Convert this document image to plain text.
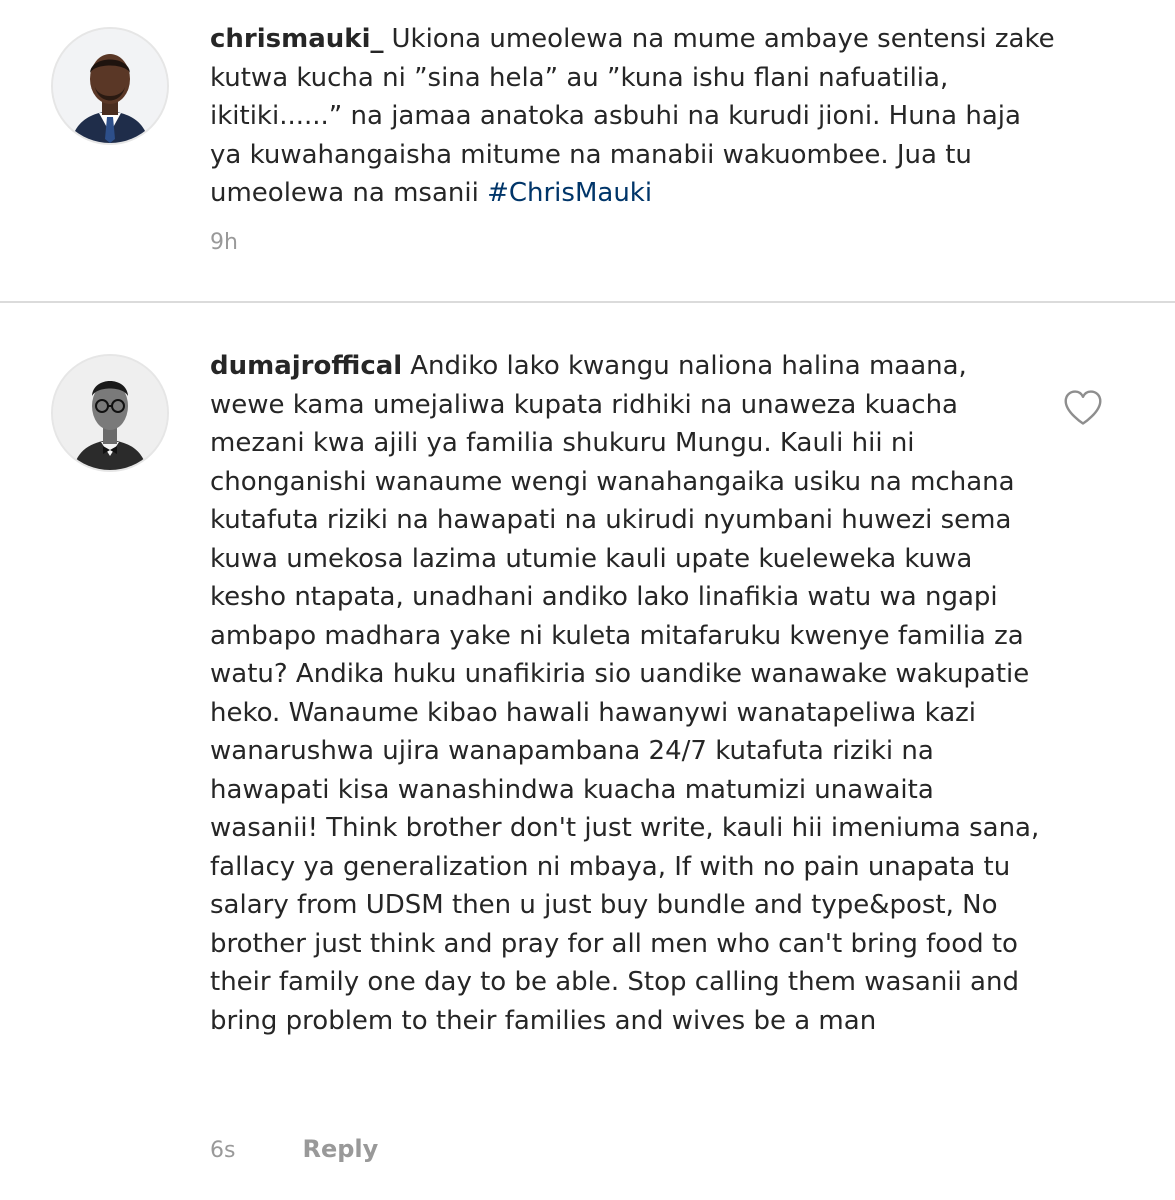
chrismauki_ Ukiona umeolewa na mume ambaye sentensi zake kutwa kucha ni ”sina hela” au ”kuna ishu flani nafuatilia, ikitiki......” na jamaa anatoka asbuhi na kurudi jioni. Huna haja ya kuwahangaisha mitume na manabii wakuombee. Jua tu umeolewa na msanii #ChrisMauki
9h
dumajroffical Andiko lako kwangu naliona halina maana, wewe kama umejaliwa kupata ridhiki na unaweza kuacha mezani kwa ajili ya familia shukuru Mungu. Kauli hii ni chonganishi wanaume wengi wanahangaika usiku na mchana kutafuta riziki na hawapati na ukirudi nyumbani huwezi sema kuwa umekosa lazima utumie kauli upate kueleweka kuwa kesho ntapata, unadhani andiko lako linafikia watu wa ngapi ambapo madhara yake ni kuleta mitafaruku kwenye familia za watu? Andika huku unafikiria sio uandike wanawake wakupatie heko. Wanaume kibao hawali hawanywi wanatapeliwa kazi wanarushwa ujira wanapambana 24/7 kutafuta riziki na hawapati kisa wanashindwa kuacha matumizi unawaita wasanii! Think brother don't just write, kauli hii imeniuma sana, fallacy ya generalization ni mbaya, If with no pain unapata tu salary from UDSM then u just buy bundle and type&post, No brother just think and pray for all men who can't bring food to their family one day to be able. Stop calling them wasanii and bring problem to their families and wives be a man
6s	Reply
